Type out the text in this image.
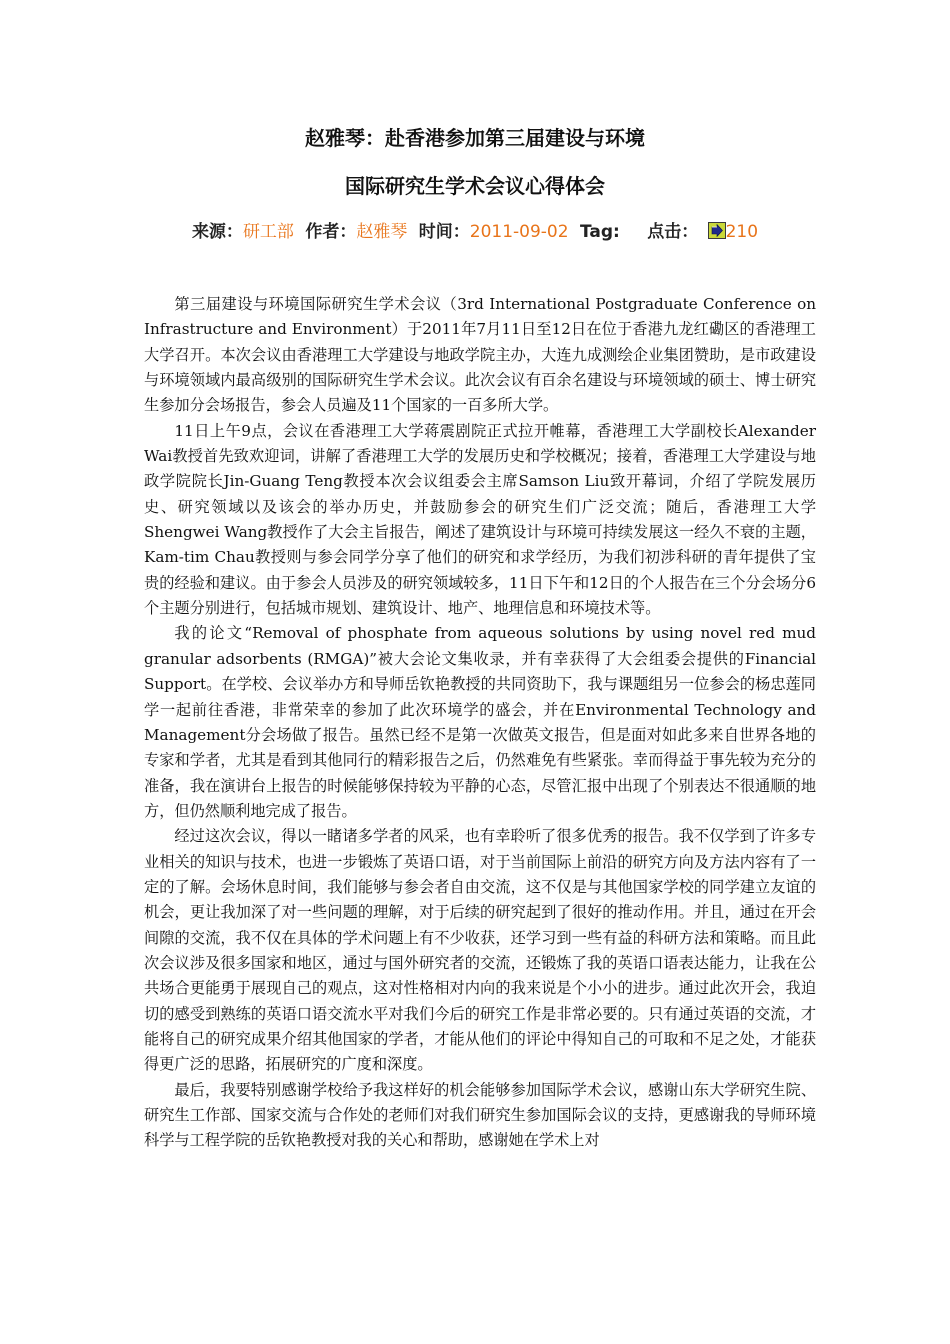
赵雅琴：赴香港参加第三届建设与环境
国际研究生学术会议心得体会
来源：研工部 作者：赵雅琴 时间：2011-09-02 Tag: 点击： 210

第三届建设与环境国际研究生学术会议（3rd International Postgraduate Conference on Infrastructure and Environment）于2011年7月11日至12日在位于香港九龙红磡区的香港理工大学召开。本次会议由香港理工大学建设与地政学院主办，大连九成测绘企业集团赞助，是市政建设与环境领域内最高级别的国际研究生学术会议。此次会议有百余名建设与环境领域的硕士、博士研究生参加分会场报告，参会人员遍及11个国家的一百多所大学。

11日上午9点，会议在香港理工大学蒋震剧院正式拉开帷幕，香港理工大学副校长Alexander Wai教授首先致欢迎词，讲解了香港理工大学的发展历史和学校概况；接着，香港理工大学建设与地政学院院长Jin-Guang Teng教授本次会议组委会主席Samson Liu致开幕词，介绍了学院发展历史、研究领域以及该会的举办历史，并鼓励参会的研究生们广泛交流；随后，香港理工大学Shengwei Wang教授作了大会主旨报告，阐述了建筑设计与环境可持续发展这一经久不衰的主题，Kam-tim Chau教授则与参会同学分享了他们的研究和求学经历，为我们初涉科研的青年提供了宝贵的经验和建议。由于参会人员涉及的研究领域较多，11日下午和12日的个人报告在三个分会场分6个主题分别进行，包括城市规划、建筑设计、地产、地理信息和环境技术等。

我的论文“Removal of phosphate from aqueous solutions by using novel red mud granular adsorbents (RMGA)”被大会论文集收录，并有幸获得了大会组委会提供的Financial Support。在学校、会议举办方和导师岳钦艳教授的共同资助下，我与课题组另一位参会的杨忠莲同学一起前往香港，非常荣幸的参加了此次环境学的盛会，并在Environmental Technology and Management分会场做了报告。虽然已经不是第一次做英文报告，但是面对如此多来自世界各地的专家和学者，尤其是看到其他同行的精彩报告之后，仍然难免有些紧张。幸而得益于事先较为充分的准备，我在演讲台上报告的时候能够保持较为平静的心态，尽管汇报中出现了个别表达不很通顺的地方，但仍然顺利地完成了报告。

经过这次会议，得以一睹诸多学者的风采，也有幸聆听了很多优秀的报告。我不仅学到了许多专业相关的知识与技术，也进一步锻炼了英语口语，对于当前国际上前沿的研究方向及方法内容有了一定的了解。会场休息时间，我们能够与参会者自由交流，这不仅是与其他国家学校的同学建立友谊的机会，更让我加深了对一些问题的理解，对于后续的研究起到了很好的推动作用。并且，通过在开会间隙的交流，我不仅在具体的学术问题上有不少收获，还学习到一些有益的科研方法和策略。而且此次会议涉及很多国家和地区，通过与国外研究者的交流，还锻炼了我的英语口语表达能力，让我在公共场合更能勇于展现自己的观点，这对性格相对内向的我来说是个小小的进步。通过此次开会，我迫切的感受到熟练的英语口语交流水平对我们今后的研究工作是非常必要的。只有通过英语的交流，才能将自己的研究成果介绍其他国家的学者，才能从他们的评论中得知自己的可取和不足之处，才能获得更广泛的思路，拓展研究的广度和深度。

最后，我要特别感谢学校给予我这样好的机会能够参加国际学术会议，感谢山东大学研究生院、研究生工作部、国家交流与合作处的老师们对我们研究生参加国际会议的支持，更感谢我的导师环境科学与工程学院的岳钦艳教授对我的关心和帮助，感谢她在学术上对
